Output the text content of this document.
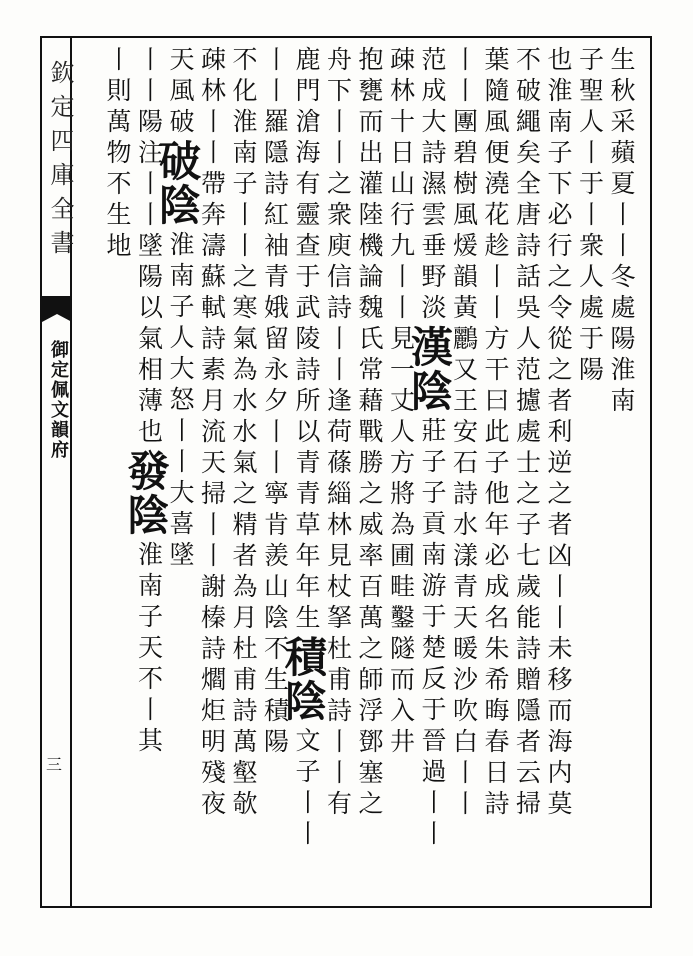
欽定四庫全書
御定佩文韻府
三
生秋采蘋夏丨丨冬處陽淮南
子聖人丨于丨衆人處于陽
也淮南子下必行之令從之者利逆之者凶丨丨未移而海内莫
不破繩矣全唐詩話吳人范攄處士之子七歲能詩贈隱者云掃
葉隨風便澆花趁丨丨方干曰此子他年必成名朱希晦春日詩
丨丨團碧樹風煖韻黃鸝又王安石詩水漾青天暖沙吹白丨丨
范成大詩濕雲垂野淡
漢陰
莊子子貢南游于楚反于晉過丨丨
疎林十日山行九丨丨
見一丈人方將為圃畦鑿隧而入井
抱甕而出灌陸機論魏氏常藉戰勝之威率百萬之師浮鄧塞之
舟下丨丨之衆庾信詩丨丨逢荷蓧緇林見杖拏杜甫詩丨丨有
鹿門滄海有靈查于武陵詩所以青青草年年生
積陰
文子丨丨
丨丨羅隱詩紅袖青娥留永夕丨丨寧肯羨山陰
不生積陽
不化淮南子丨丨之寒氣為水水氣之精者為月杜甫詩萬壑欹
疎林丨丨帶奔濤蘇軾詩素月流天掃丨丨謝榛詩爓炬明殘夜
天風破
破陰
淮南子人大怒丨丨大喜墜
丨丨
陽注丨丨墜陽以氣相薄也
發陰
淮南子天不丨其
丨則萬物不生地
